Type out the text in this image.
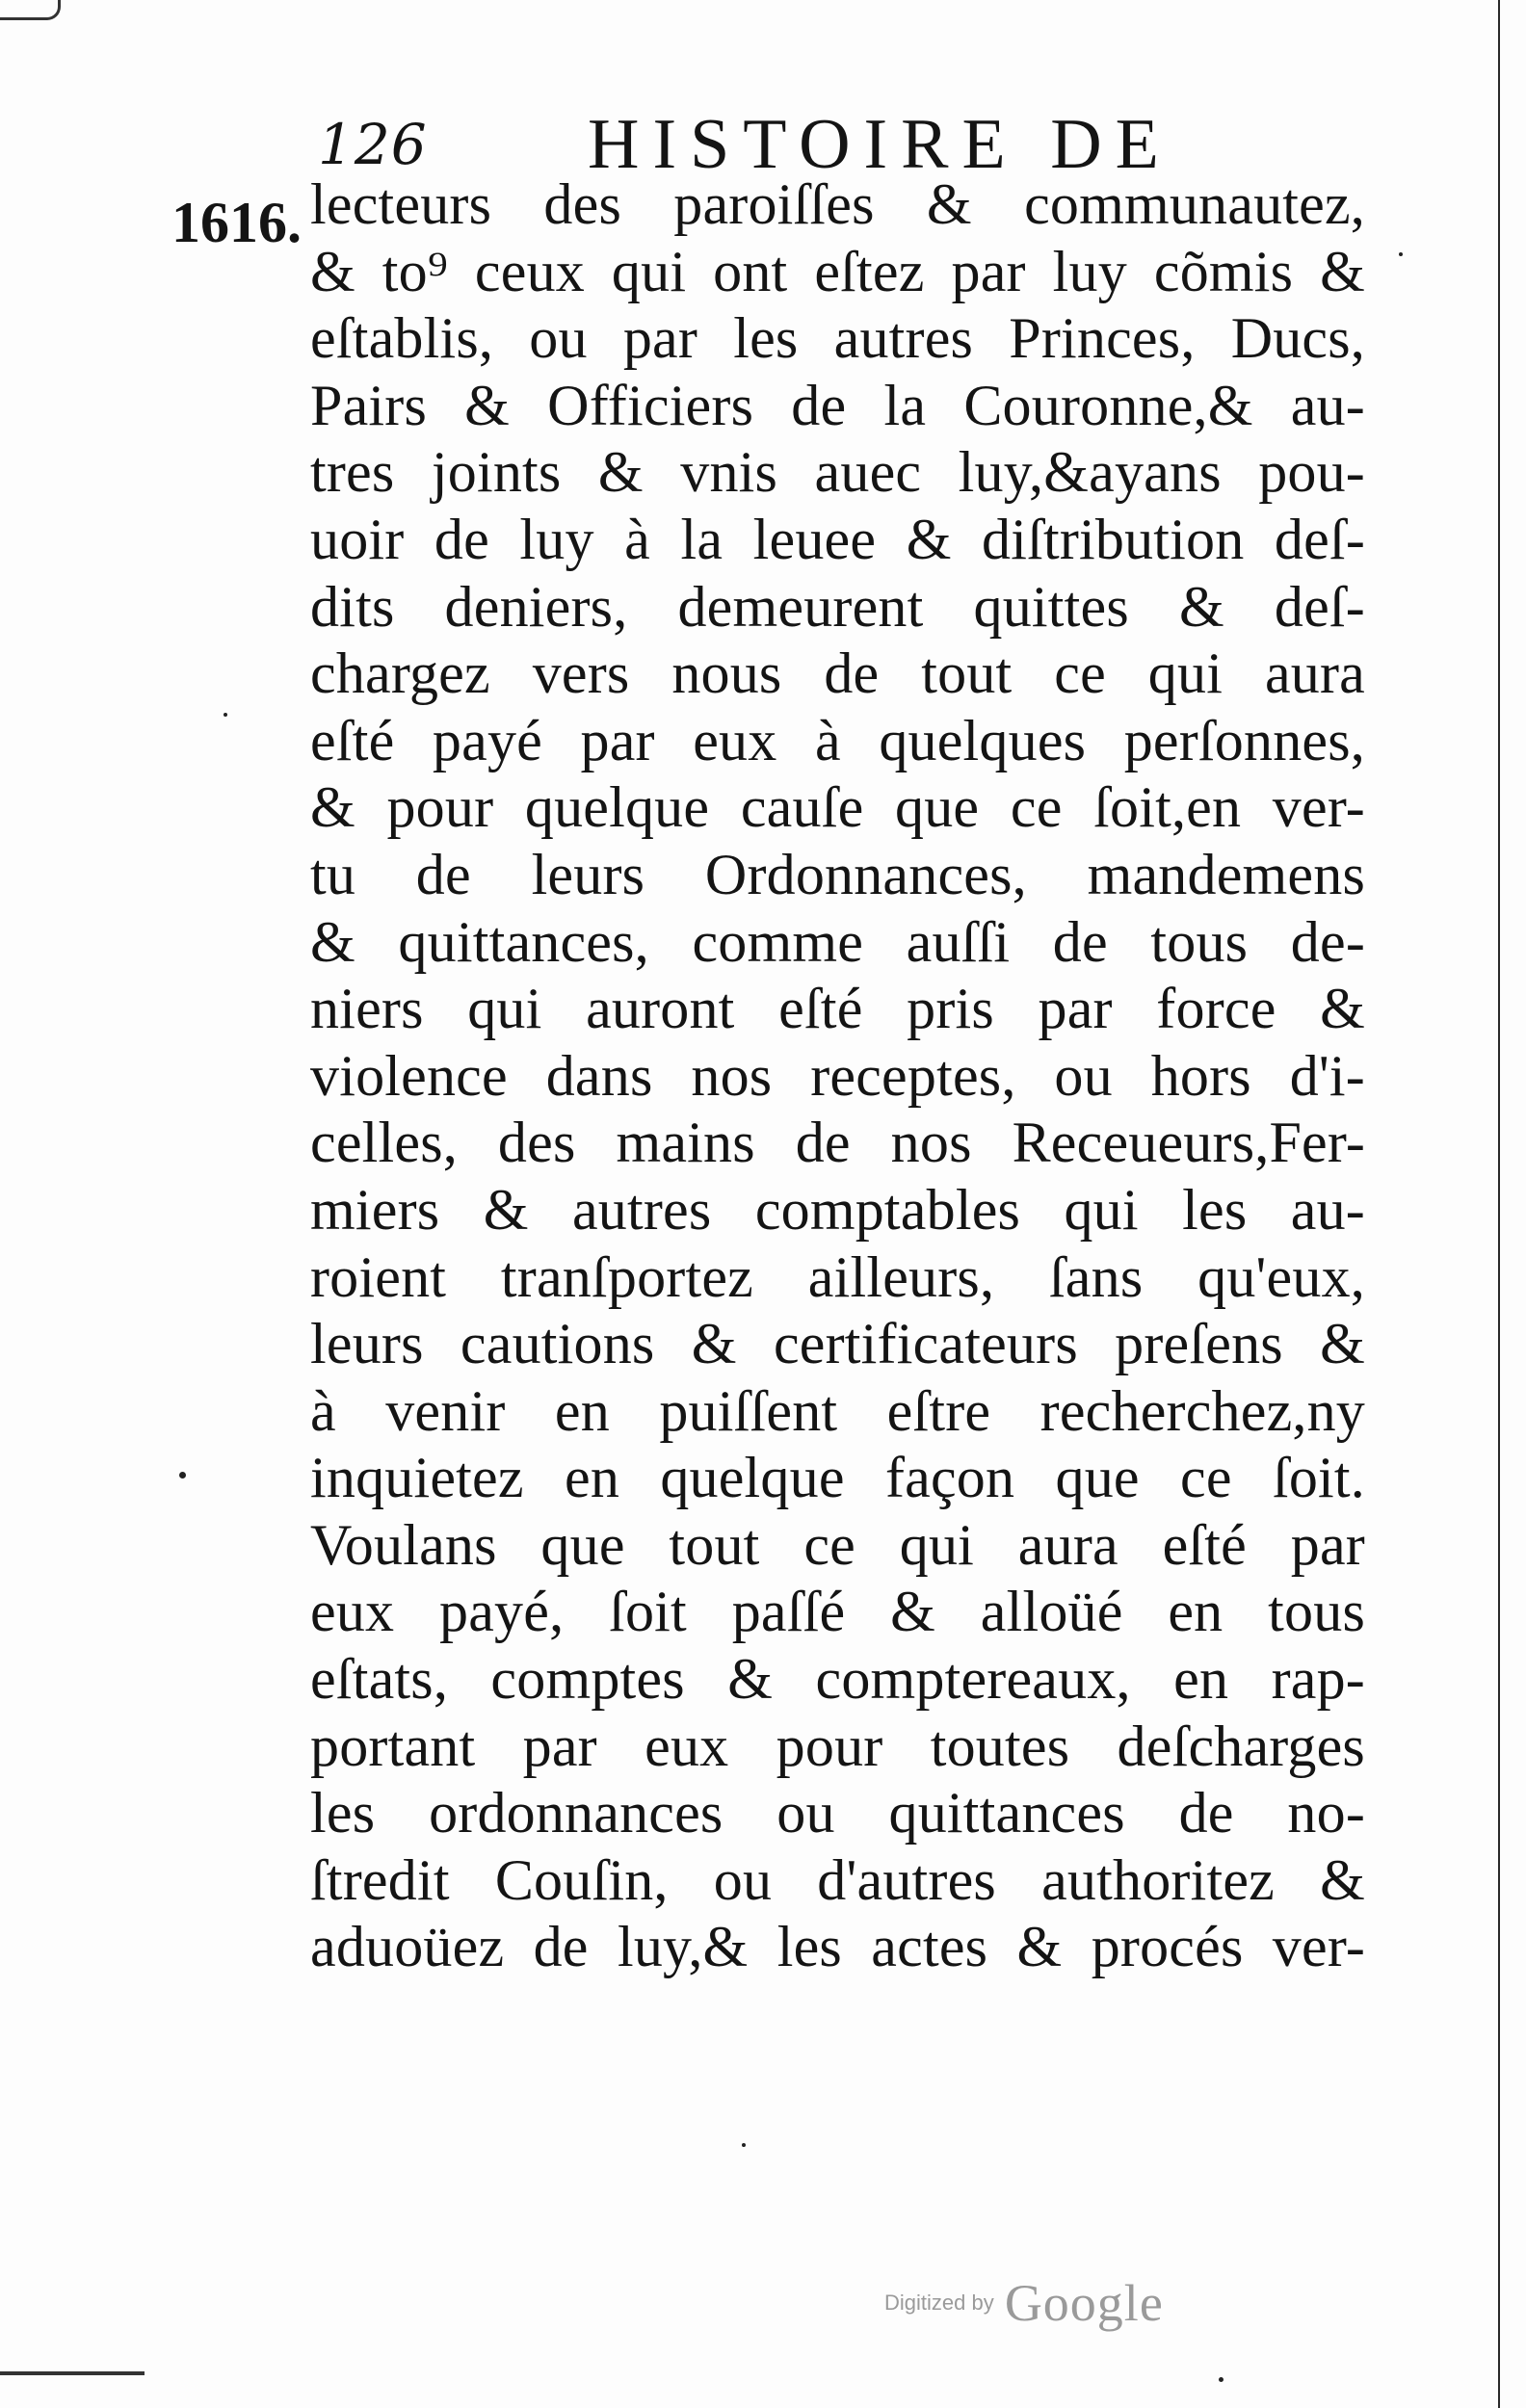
126 HISTOIRE DE
1616. lecteurs des paroiſſes & communautez,
& to⁹ ceux qui ont eſtez par luy cõmis &
eſtablis, ou par les autres Princes, Ducs,
Pairs & Officiers de la Couronne,& au-
tres joints & vnis auec luy,&ayans pou-
uoir de luy à la leuee & diſtribution deſ-
dits deniers, demeurent quittes & deſ-
chargez vers nous de tout ce qui aura
eſté payé par eux à quelques perſonnes,
& pour quelque cauſe que ce ſoit,en ver-
tu de leurs Ordonnances, mandemens
& quittances, comme auſſi de tous de-
niers qui auront eſté pris par force &
violence dans nos receptes, ou hors d'i-
celles, des mains de nos Receueurs,Fer-
miers & autres comptables qui les au-
roient tranſportez ailleurs, ſans qu'eux,
leurs cautions & certificateurs preſens &
à venir en puiſſent eſtre recherchez,ny
inquietez en quelque façon que ce ſoit.
Voulans que tout ce qui aura eſté par
eux payé, ſoit paſſé & alloüé en tous
eſtats, comptes & comptereaux, en rap-
portant par eux pour toutes deſcharges
les ordonnances ou quittances de no-
ſtredit Couſin, ou d'autres authoritez &
aduoüez de luy,& les actes & procés ver-
Digitized by Google
